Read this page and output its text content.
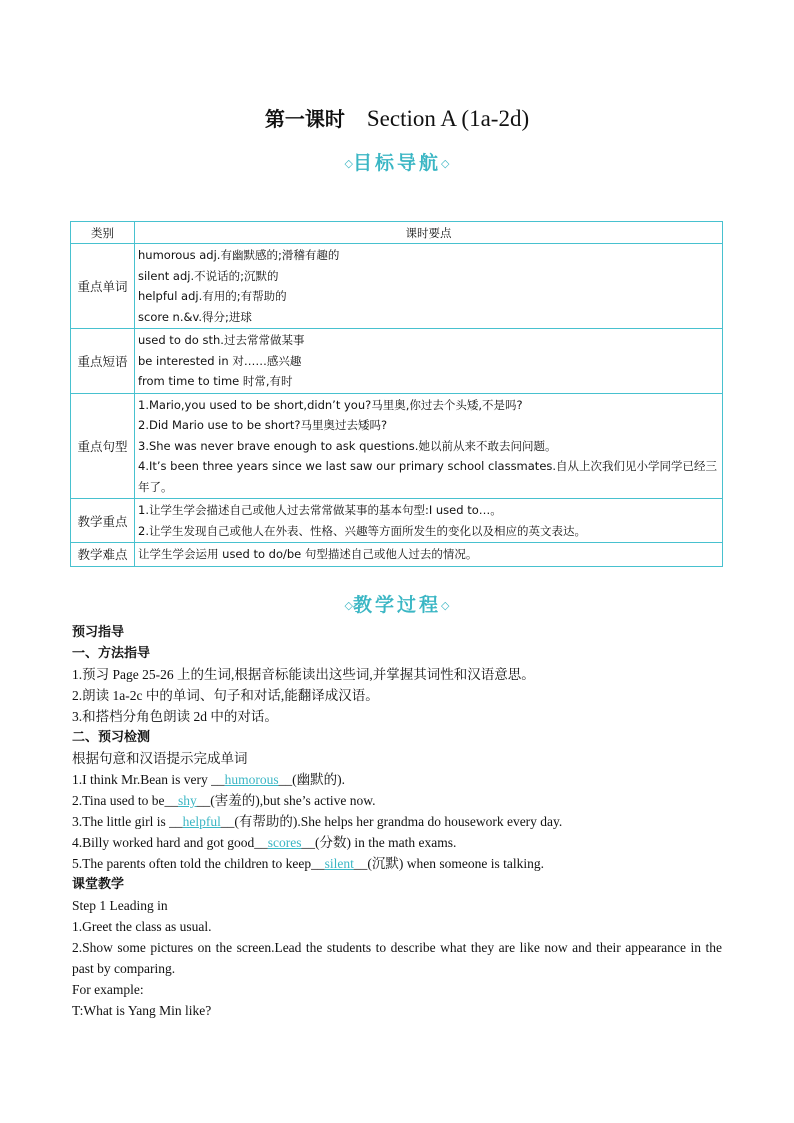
第一课时 Section A (1a-2d)
◇目标导航◇
类别	课时要点
重点单词	humorous adj.有幽默感的;滑稽有趣的
silent adj.不说话的;沉默的
helpful adj.有用的;有帮助的
score n.&v.得分;进球

重点短语	used to do sth.过去常常做某事
be interested in 对……感兴趣
from time to time 时常,有时

重点句型	1.Mario,you used to be short,didn’t you?马里奥,你过去个头矮,不是吗?
2.Did Mario use to be short?马里奥过去矮吗?
3.She was never brave enough to ask questions.她以前从来不敢去问问题。
4.It’s been three years since we last saw our primary school classmates.自从上次我们见小学同学已经三年了。

教学重点	1.让学生学会描述自己或他人过去常常做某事的基本句型:I used to…。
2.让学生发现自己或他人在外表、性格、兴趣等方面所发生的变化以及相应的英文表达。

教学难点	让学生学会运用 used to do/be 句型描述自己或他人过去的情况。
◇教学过程◇
预习指导
一、方法指导
1.预习 Page 25-26 上的生词,根据音标能读出这些词,并掌握其词性和汉语意思。
2.朗读 1a-2c 中的单词、句子和对话,能翻译成汉语。
3.和搭档分角色朗读 2d 中的对话。
二、预习检测
根据句意和汉语提示完成单词
1.I think Mr.Bean is very __humorous__(幽默的).
2.Tina used to be__shy__(害羞的),but she’s active now.
3.The little girl is __helpful__(有帮助的).She helps her grandma do housework every day.
4.Billy worked hard and got good__scores__(分数) in the math exams.
5.The parents often told the children to keep__silent__(沉默) when someone is talking.
课堂教学
Step 1 Leading in
1.Greet the class as usual.
2.Show some pictures on the screen.Lead the students to describe what they are like now and their appearance in the past by comparing.
For example:
T:What is Yang Min like?
